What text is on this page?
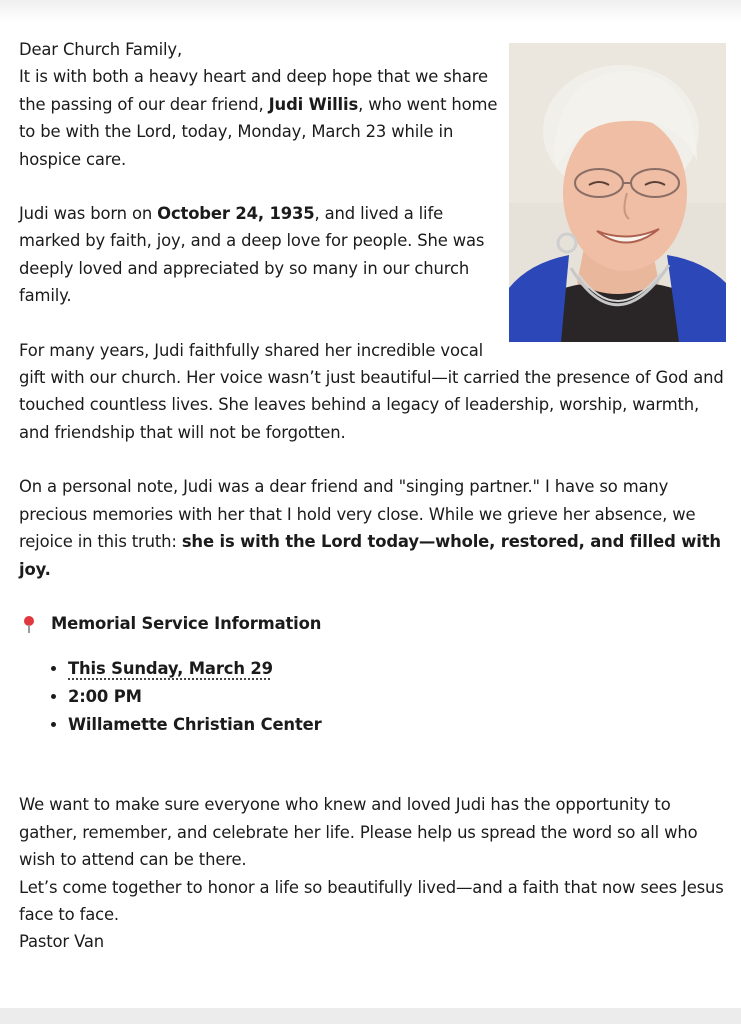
Dear Church Family,

It is with both a heavy heart and deep hope that we share the passing of our dear friend, Judi Willis, who went home to be with the Lord, today, Monday, March 23 while in hospice care.

Judi was born on October 24, 1935, and lived a life marked by faith, joy, and a deep love for people. She was deeply loved and appreciated by so many in our church family.

For many years, Judi faithfully shared her incredible vocal gift with our church. Her voice wasn’t just beautiful—it carried the presence of God and touched countless lives. She leaves behind a legacy of leadership, worship, warmth, and friendship that will not be forgotten.

On a personal note, Judi was a dear friend and "singing partner." I have so many precious memories with her that I hold very close. While we grieve her absence, we rejoice in this truth: she is with the Lord today—whole, restored, and filled with joy.

Memorial Service Information
• This Sunday, March 29
• 2:00 PM
• Willamette Christian Center

We want to make sure everyone who knew and loved Judi has the opportunity to gather, remember, and celebrate her life. Please help us spread the word so all who wish to attend can be there.

Let’s come together to honor a life so beautifully lived—and a faith that now sees Jesus face to face.

Pastor Van
